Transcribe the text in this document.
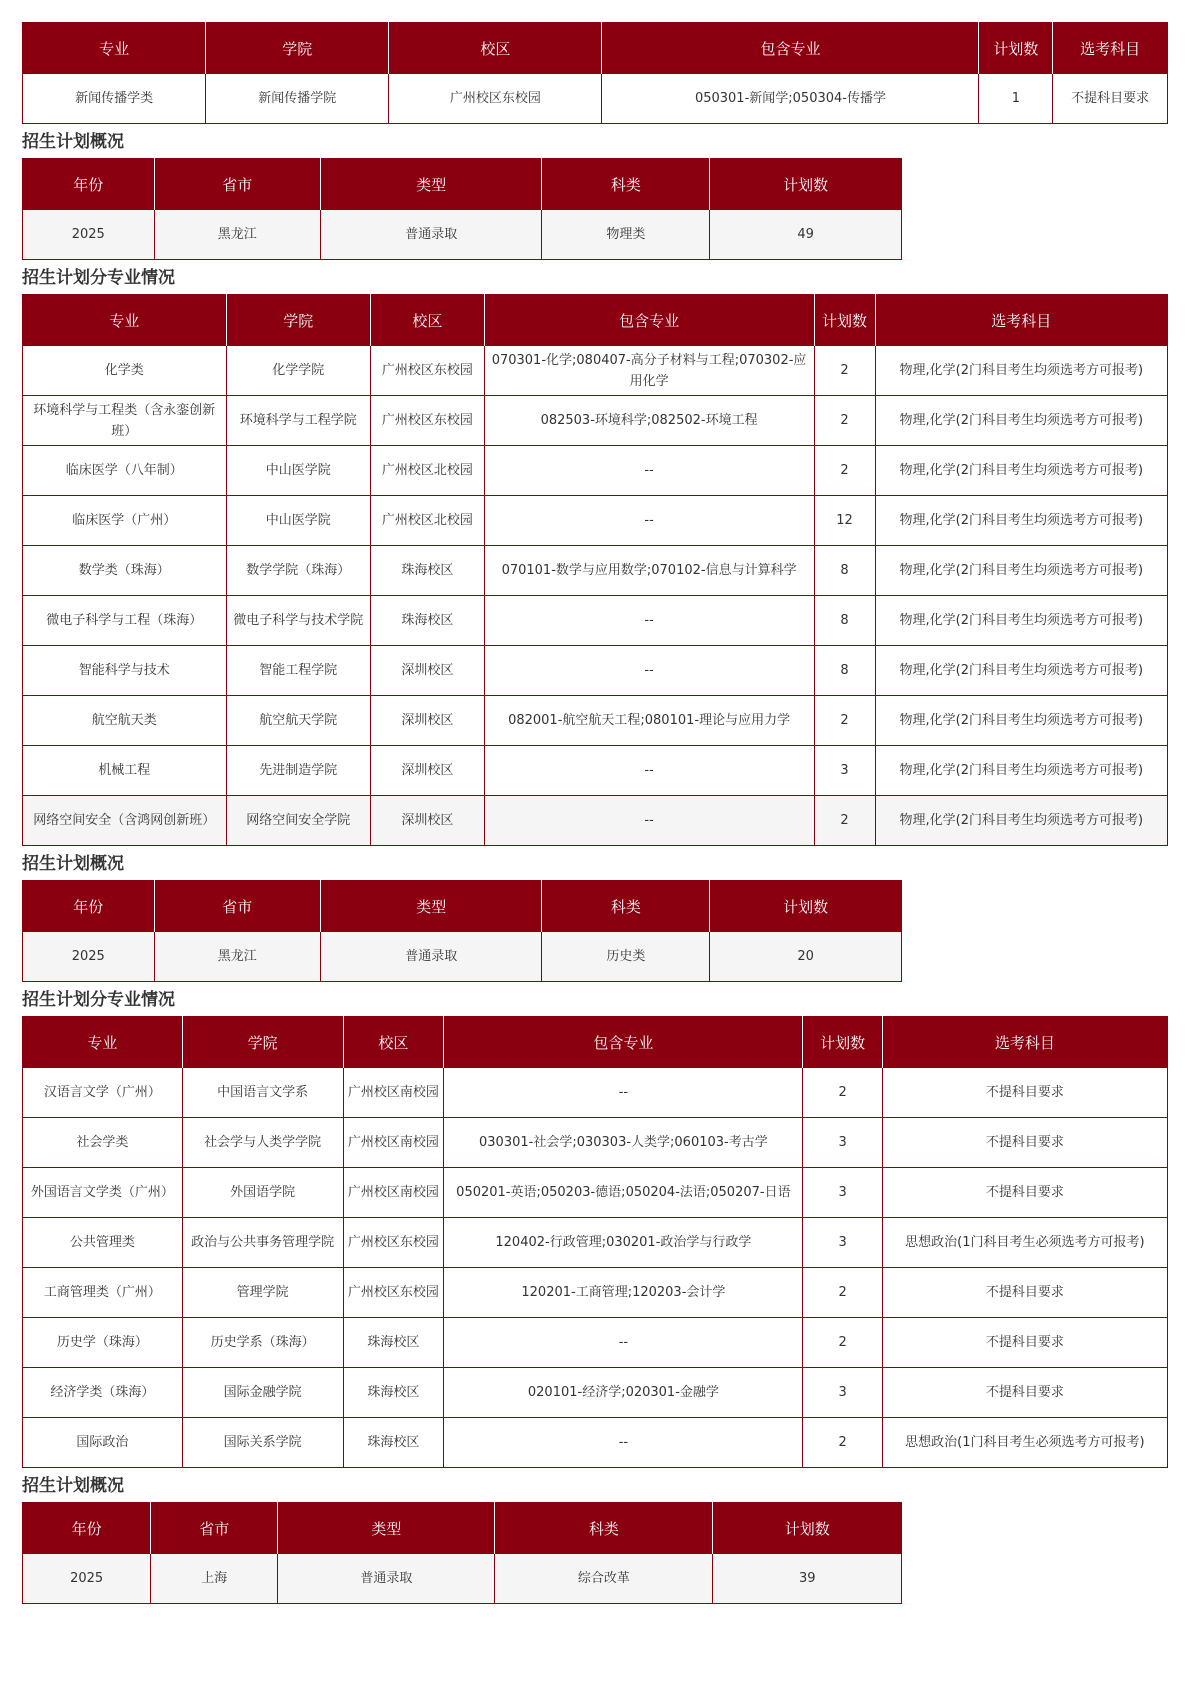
专业	学院	校区	包含专业	计划数	选考科目
新闻传播学类	新闻传播学院	广州校区东校园	050301-新闻学;050304-传播学	1	不提科目要求
招生计划概况
年份	省市	类型	科类	计划数
2025	黑龙江	普通录取	物理类	49
招生计划分专业情况
专业	学院	校区	包含专业	计划数	选考科目
化学类	化学学院	广州校区东校园	070301-化学;080407-高分子材料与工程;070302-应用化学	2	物理,化学(2门科目考生均须选考方可报考)
环境科学与工程类（含永銮创新班）	环境科学与工程学院	广州校区东校园	082503-环境科学;082502-环境工程	2	物理,化学(2门科目考生均须选考方可报考)
临床医学（八年制）	中山医学院	广州校区北校园	--	2	物理,化学(2门科目考生均须选考方可报考)
临床医学（广州）	中山医学院	广州校区北校园	--	12	物理,化学(2门科目考生均须选考方可报考)
数学类（珠海）	数学学院（珠海）	珠海校区	070101-数学与应用数学;070102-信息与计算科学	8	物理,化学(2门科目考生均须选考方可报考)
微电子科学与工程（珠海）	微电子科学与技术学院	珠海校区	--	8	物理,化学(2门科目考生均须选考方可报考)
智能科学与技术	智能工程学院	深圳校区	--	8	物理,化学(2门科目考生均须选考方可报考)
航空航天类	航空航天学院	深圳校区	082001-航空航天工程;080101-理论与应用力学	2	物理,化学(2门科目考生均须选考方可报考)
机械工程	先进制造学院	深圳校区	--	3	物理,化学(2门科目考生均须选考方可报考)
网络空间安全（含鸿网创新班）	网络空间安全学院	深圳校区	--	2	物理,化学(2门科目考生均须选考方可报考)
招生计划概况
年份	省市	类型	科类	计划数
2025	黑龙江	普通录取	历史类	20
招生计划分专业情况
专业	学院	校区	包含专业	计划数	选考科目
汉语言文学（广州）	中国语言文学系	广州校区南校园	--	2	不提科目要求
社会学类	社会学与人类学学院	广州校区南校园	030301-社会学;030303-人类学;060103-考古学	3	不提科目要求
外国语言文学类（广州）	外国语学院	广州校区南校园	050201-英语;050203-德语;050204-法语;050207-日语	3	不提科目要求
公共管理类	政治与公共事务管理学院	广州校区东校园	120402-行政管理;030201-政治学与行政学	3	思想政治(1门科目考生必须选考方可报考)
工商管理类（广州）	管理学院	广州校区东校园	120201-工商管理;120203-会计学	2	不提科目要求
历史学（珠海）	历史学系（珠海）	珠海校区	--	2	不提科目要求
经济学类（珠海）	国际金融学院	珠海校区	020101-经济学;020301-金融学	3	不提科目要求
国际政治	国际关系学院	珠海校区	--	2	思想政治(1门科目考生必须选考方可报考)
招生计划概况
年份	省市	类型	科类	计划数
2025	上海	普通录取	综合改革	39
